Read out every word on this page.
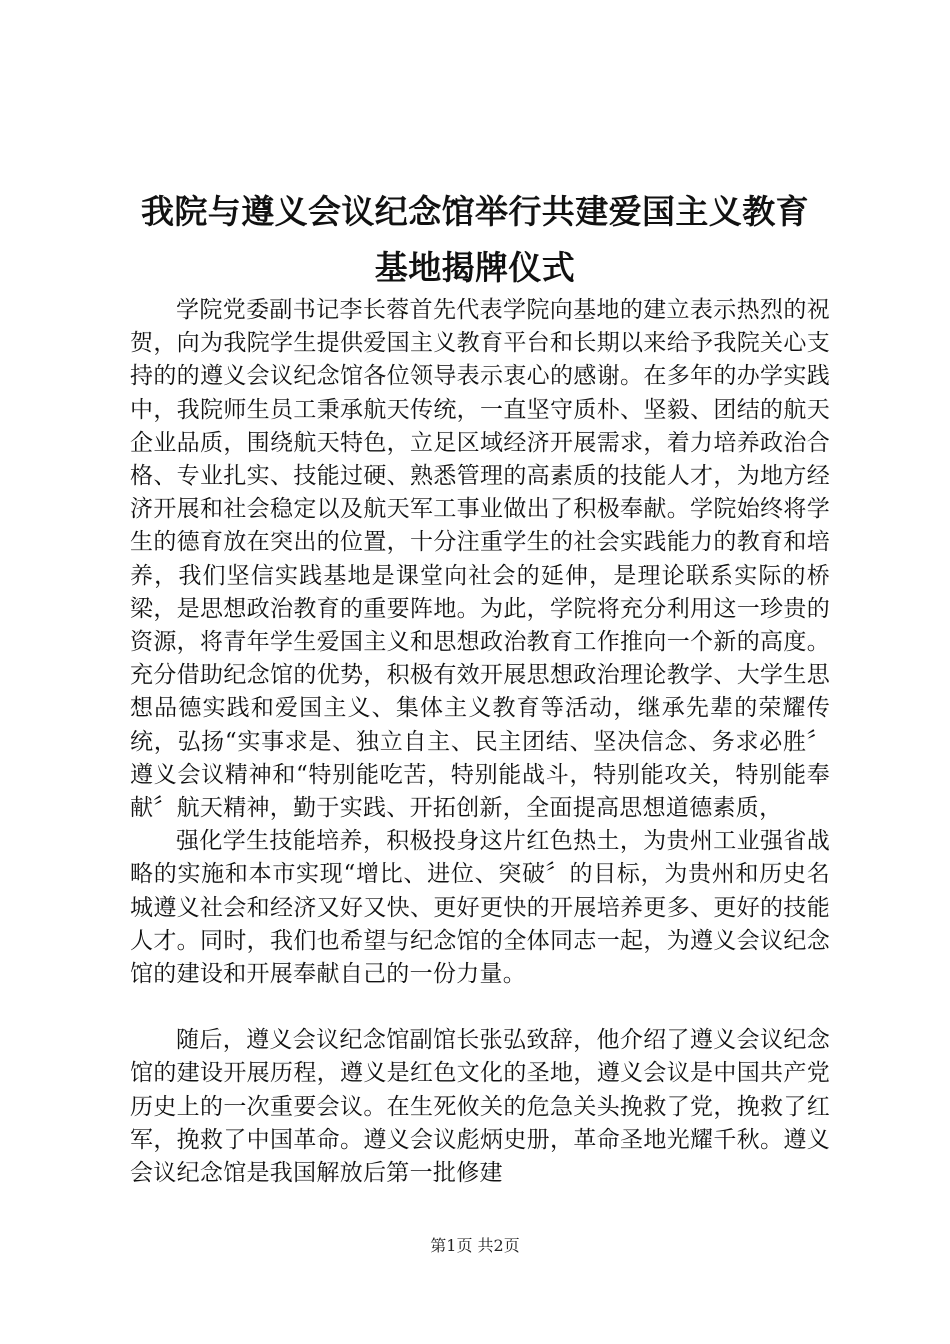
我院与遵义会议纪念馆举行共建爱国主义教育
基地揭牌仪式

学院党委副书记李长蓉首先代表学院向基地的建立表示热烈的祝贺，向为我院学生提供爱国主义教育平台和长期以来给予我院关心支持的的遵义会议纪念馆各位领导表示衷心的感谢。在多年的办学实践中，我院师生员工秉承航天传统，一直坚守质朴、坚毅、团结的航天企业品质，围绕航天特色，立足区域经济开展需求，着力培养政治合格、专业扎实、技能过硬、熟悉管理的高素质的技能人才，为地方经济开展和社会稳定以及航天军工事业做出了积极奉献。学院始终将学生的德育放在突出的位置，十分注重学生的社会实践能力的教育和培养，我们坚信实践基地是课堂向社会的延伸，是理论联系实际的桥梁，是思想政治教育的重要阵地。为此，学院将充分利用这一珍贵的资源，将青年学生爱国主义和思想政治教育工作推向一个新的高度。充分借助纪念馆的优势，积极有效开展思想政治理论教学、大学生思想品德实践和爱国主义、集体主义教育等活动，继承先辈的荣耀传统，弘扬“实事求是、独立自主、民主团结、坚决信念、务求必胜〞遵义会议精神和“特别能吃苦，特别能战斗，特别能攻关，特别能奉献〞航天精神，勤于实践、开拓创新，全面提高思想道德素质，

强化学生技能培养，积极投身这片红色热土，为贵州工业强省战略的实施和本市实现“增比、进位、突破〞的目标，为贵州和历史名城遵义社会和经济又好又快、更好更快的开展培养更多、更好的技能人才。同时，我们也希望与纪念馆的全体同志一起，为遵义会议纪念馆的建设和开展奉献自己的一份力量。

随后，遵义会议纪念馆副馆长张弘致辞，他介绍了遵义会议纪念馆的建设开展历程，遵义是红色文化的圣地，遵义会议是中国共产党历史上的一次重要会议。在生死攸关的危急关头挽救了党，挽救了红军，挽救了中国革命。遵义会议彪炳史册，革命圣地光耀千秋。遵义会议纪念馆是我国解放后第一批修建

第1页 共2页
